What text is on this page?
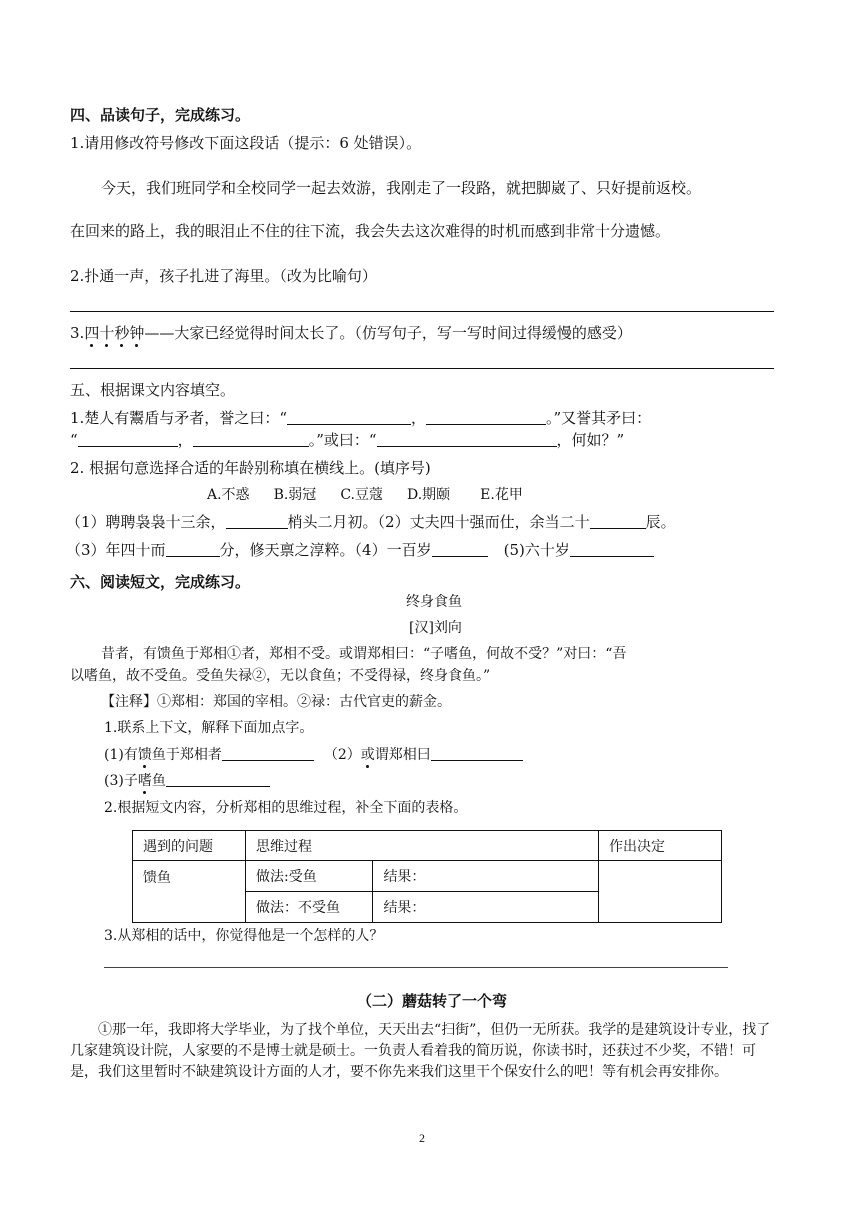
四、品读句子，完成练习。
1.请用修改符号修改下面这段话（提示：6 处错误）。
今天，我们班同学和全校同学一起去效游，我刚走了一段路，就把脚崴了、只好提前返校。
在回来的路上，我的眼泪止不住的往下流，我会失去这次难得的时机而感到非常十分遗憾。
2.扑通一声，孩子扎进了海里。（改为比喻句）
3.四十秒钟——大家已经觉得时间太长了。（仿写句子，写一写时间过得缓慢的感受）
五、根据课文内容填空。
1.楚人有鬻盾与矛者，誉之曰：“	，	。”又誉其矛曰：
“	，	。”或曰：“	，何如？”
2. 根据句意选择合适的年龄别称填在横线上。(填序号)
A.不惑 B.弱冠 C.豆蔻 D.期颐 E.花甲
（1）聘聘袅袅十三余，	梢头二月初。（2）丈夫四十强而仕，余当二十	辰。
（3）年四十而	分，修天禀之淳粹。（4）一百岁	(5)六十岁
六、阅读短文，完成练习。
终身食鱼
[汉]刘向
昔者，有馈鱼于郑相①者，郑相不受。或谓郑相曰：“子嗜鱼，何故不受？”对曰：“吾
以嗜鱼，故不受鱼。受鱼失禄②，无以食鱼；不受得禄，终身食鱼。”
【注释】①郑相：郑国的宰相。②禄：古代官吏的薪金。
1.联系上下文，解释下面加点字。
(1)有馈鱼于郑相者	（2）或谓郑相曰
(3)子嗜鱼
2.根据短文内容，分析郑相的思维过程，补全下面的表格。
遇到的问题	思维过程		作出决定
馈鱼	做法:受鱼	结果：	
	做法：不受鱼	结果：	
3.从郑相的话中，你觉得他是一个怎样的人？
（二）蘑菇转了一个弯
①那一年，我即将大学毕业，为了找个单位，天天出去“扫街”，但仍一无所获。我学的是建筑设计专业，找了几家建筑设计院，人家要的不是博士就是硕士。一负责人看着我的简历说，你读书时，还获过不少奖，不错！可是，我们这里暂时不缺建筑设计方面的人才，要不你先来我们这里干个保安什么的吧！等有机会再安排你。
2
